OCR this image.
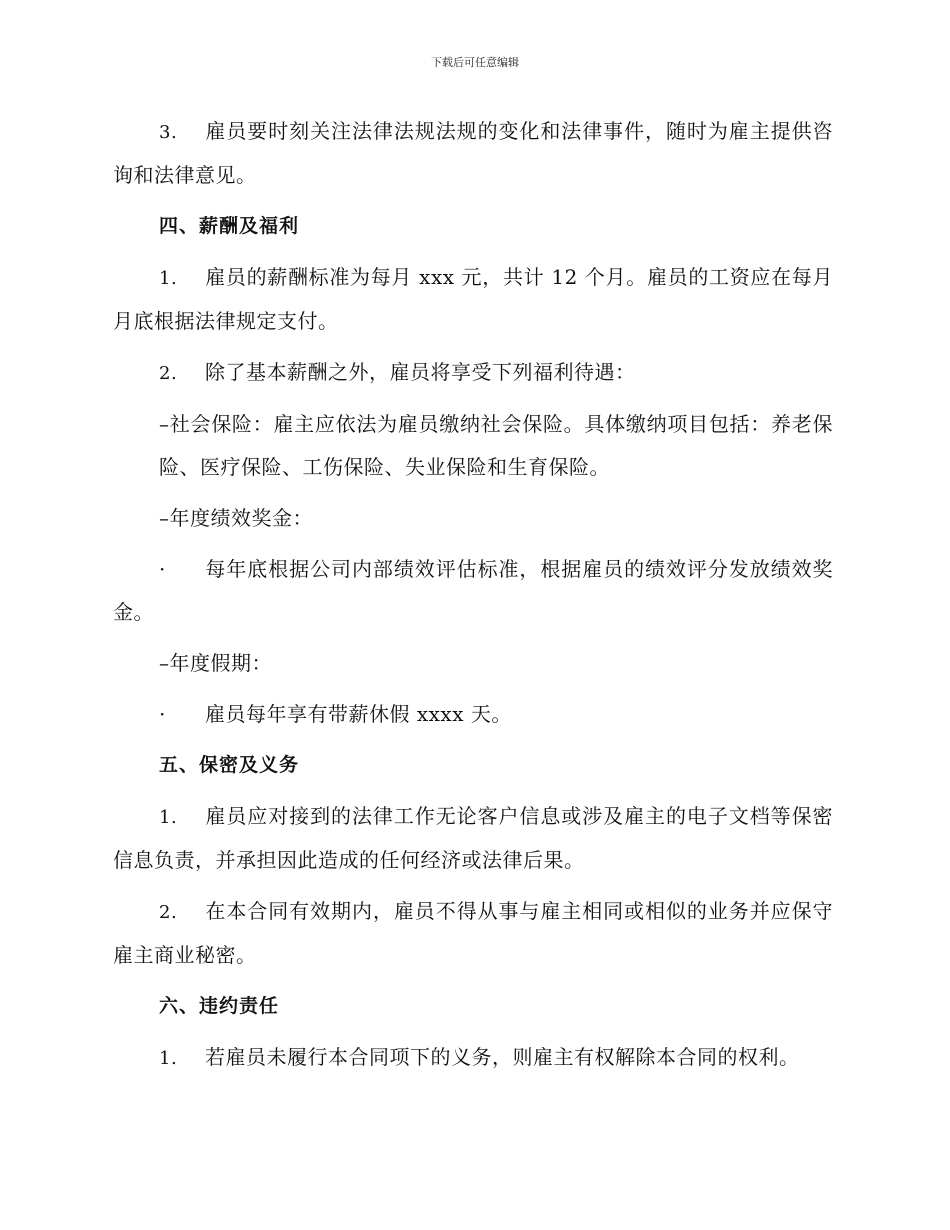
下载后可任意编辑
3. 雇员要时刻关注法律法规法规的变化和法律事件，随时为雇主提供咨询和法律意见。
四、薪酬及福利
1. 雇员的薪酬标准为每月 xxx 元，共计 12 个月。雇员的工资应在每月月底根据法律规定支付。
2. 除了基本薪酬之外，雇员将享受下列福利待遇：
–社会保险：雇主应依法为雇员缴纳社会保险。具体缴纳项目包括：养老保险、医疗保险、工伤保险、失业保险和生育保险。
–年度绩效奖金：
· 每年底根据公司内部绩效评估标准，根据雇员的绩效评分发放绩效奖金。
–年度假期：
· 雇员每年享有带薪休假 xxxx 天。
五、保密及义务
1. 雇员应对接到的法律工作无论客户信息或涉及雇主的电子文档等保密信息负责，并承担因此造成的任何经济或法律后果。
2. 在本合同有效期内，雇员不得从事与雇主相同或相似的业务并应保守雇主商业秘密。
六、违约责任
1. 若雇员未履行本合同项下的义务，则雇主有权解除本合同的权利。
